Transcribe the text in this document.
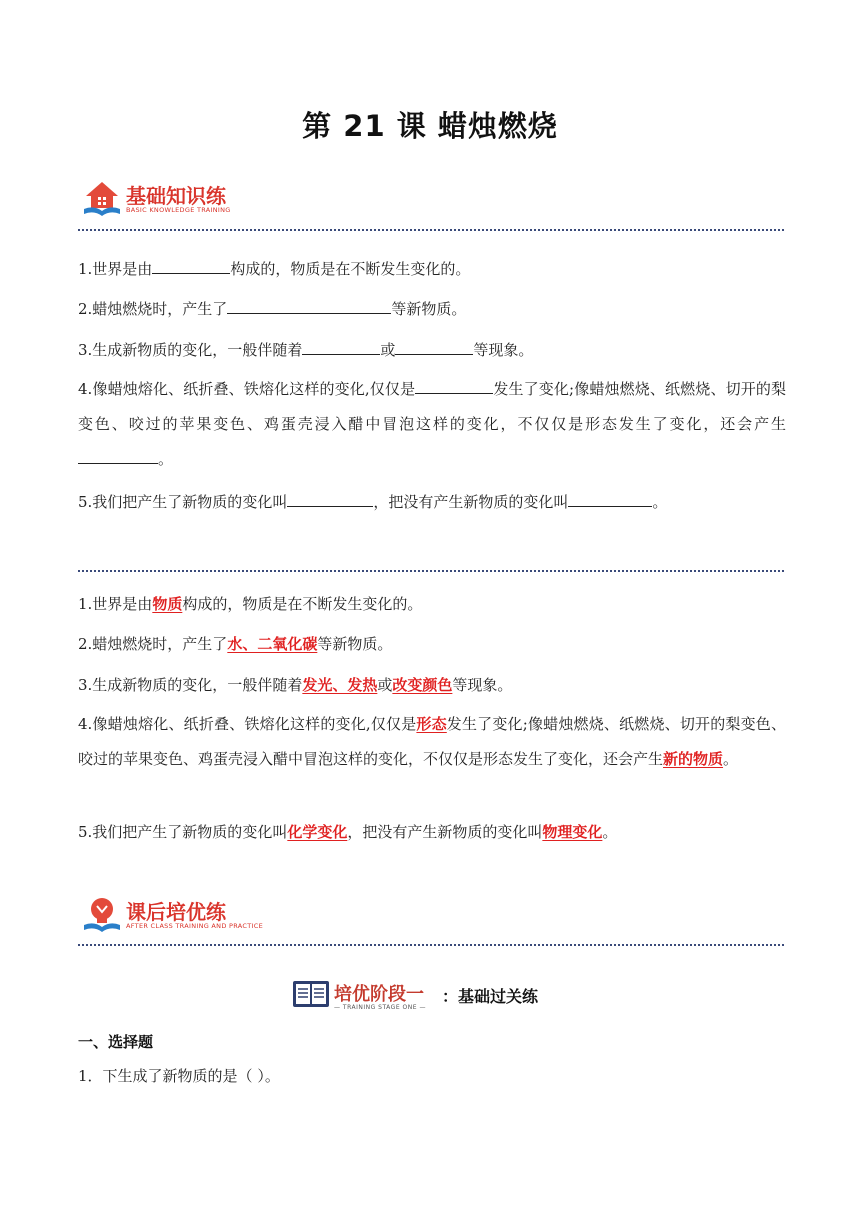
第 21 课 蜡烛燃烧
基础知识练
BASIC KNOWLEDGE TRAINING
1.世界是由	构成的，物质是在不断发生变化的。
2.蜡烛燃烧时，产生了	等新物质。
3.生成新物质的变化，一般伴随着	或	等现象。
4.像蜡烛熔化、纸折叠、铁熔化这样的变化,仅仅是	发生了变化;像蜡烛燃烧、纸燃烧、切开的梨变色、咬过的苹果变色、鸡蛋壳浸入醋中冒泡这样的变化，不仅仅是形态发生了变化，还会产生。
5.我们把产生了新物质的变化叫	，把没有产生新物质的变化叫	。
1.世界是由物质构成的，物质是在不断发生变化的。
2.蜡烛燃烧时，产生了水、二氧化碳等新物质。
3.生成新物质的变化，一般伴随着发光、发热或改变颜色等现象。
4.像蜡烛熔化、纸折叠、铁熔化这样的变化,仅仅是形态发生了变化;像蜡烛燃烧、纸燃烧、切开的梨变色、咬过的苹果变色、鸡蛋壳浸入醋中冒泡这样的变化，不仅仅是形态发生了变化，还会产生新的物质。
5.我们把产生了新物质的变化叫化学变化，把没有产生新物质的变化叫物理变化。
课后培优练
AFTER CLASS TRAINING AND PRACTICE
培优阶段一
— TRAINING STAGE ONE —
：基础过关练
一、选择题
1．下生成了新物质的是（ ）。
